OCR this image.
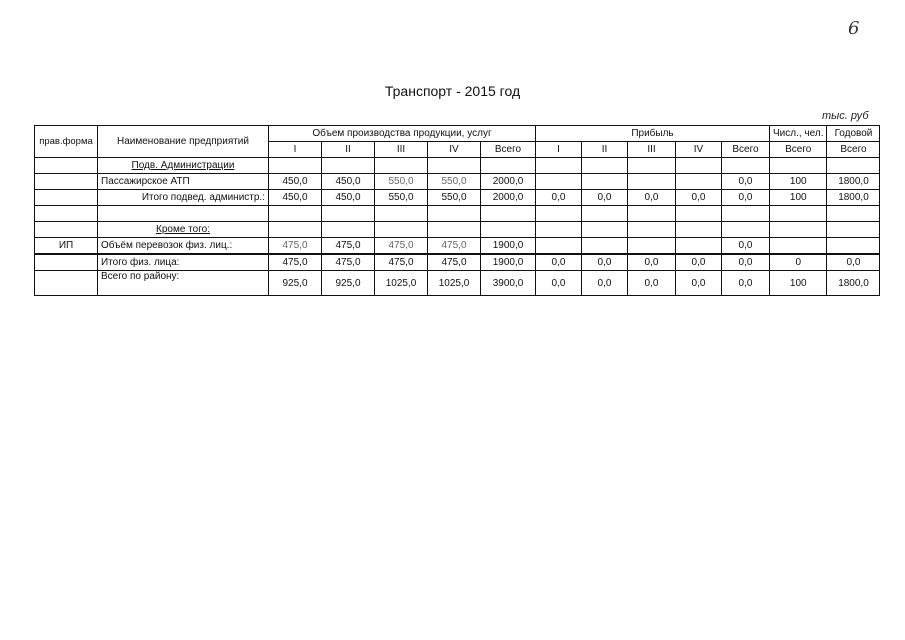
6
Транспорт - 2015 год
тыс. руб
прав.форма	Наименование предприятий	Объем производства продукции, услуг					Прибыль					Числ., чел.	Годовой
		I	II	III	IV	Всего	I	II	III	IV	Всего	Всего	Всего
	Подв. Администрации												
	Пассажирское АТП	450,0	450,0	550,0	550,0	2000,0					0,0	100	1800,0
	Итого подвед. администр.:	450,0	450,0	550,0	550,0	2000,0	0,0	0,0	0,0	0,0	0,0	100	1800,0

	Кроме того:												
ИП	Объём перевозок физ. лиц.:	475,0	475,0	475,0	475,0	1900,0					0,0		
	Итого физ. лица:	475,0	475,0	475,0	475,0	1900,0	0,0	0,0	0,0	0,0	0,0	0	0,0
	Всего по району:	925,0	925,0	1025,0	1025,0	3900,0	0,0	0,0	0,0	0,0	0,0	100	1800,0
